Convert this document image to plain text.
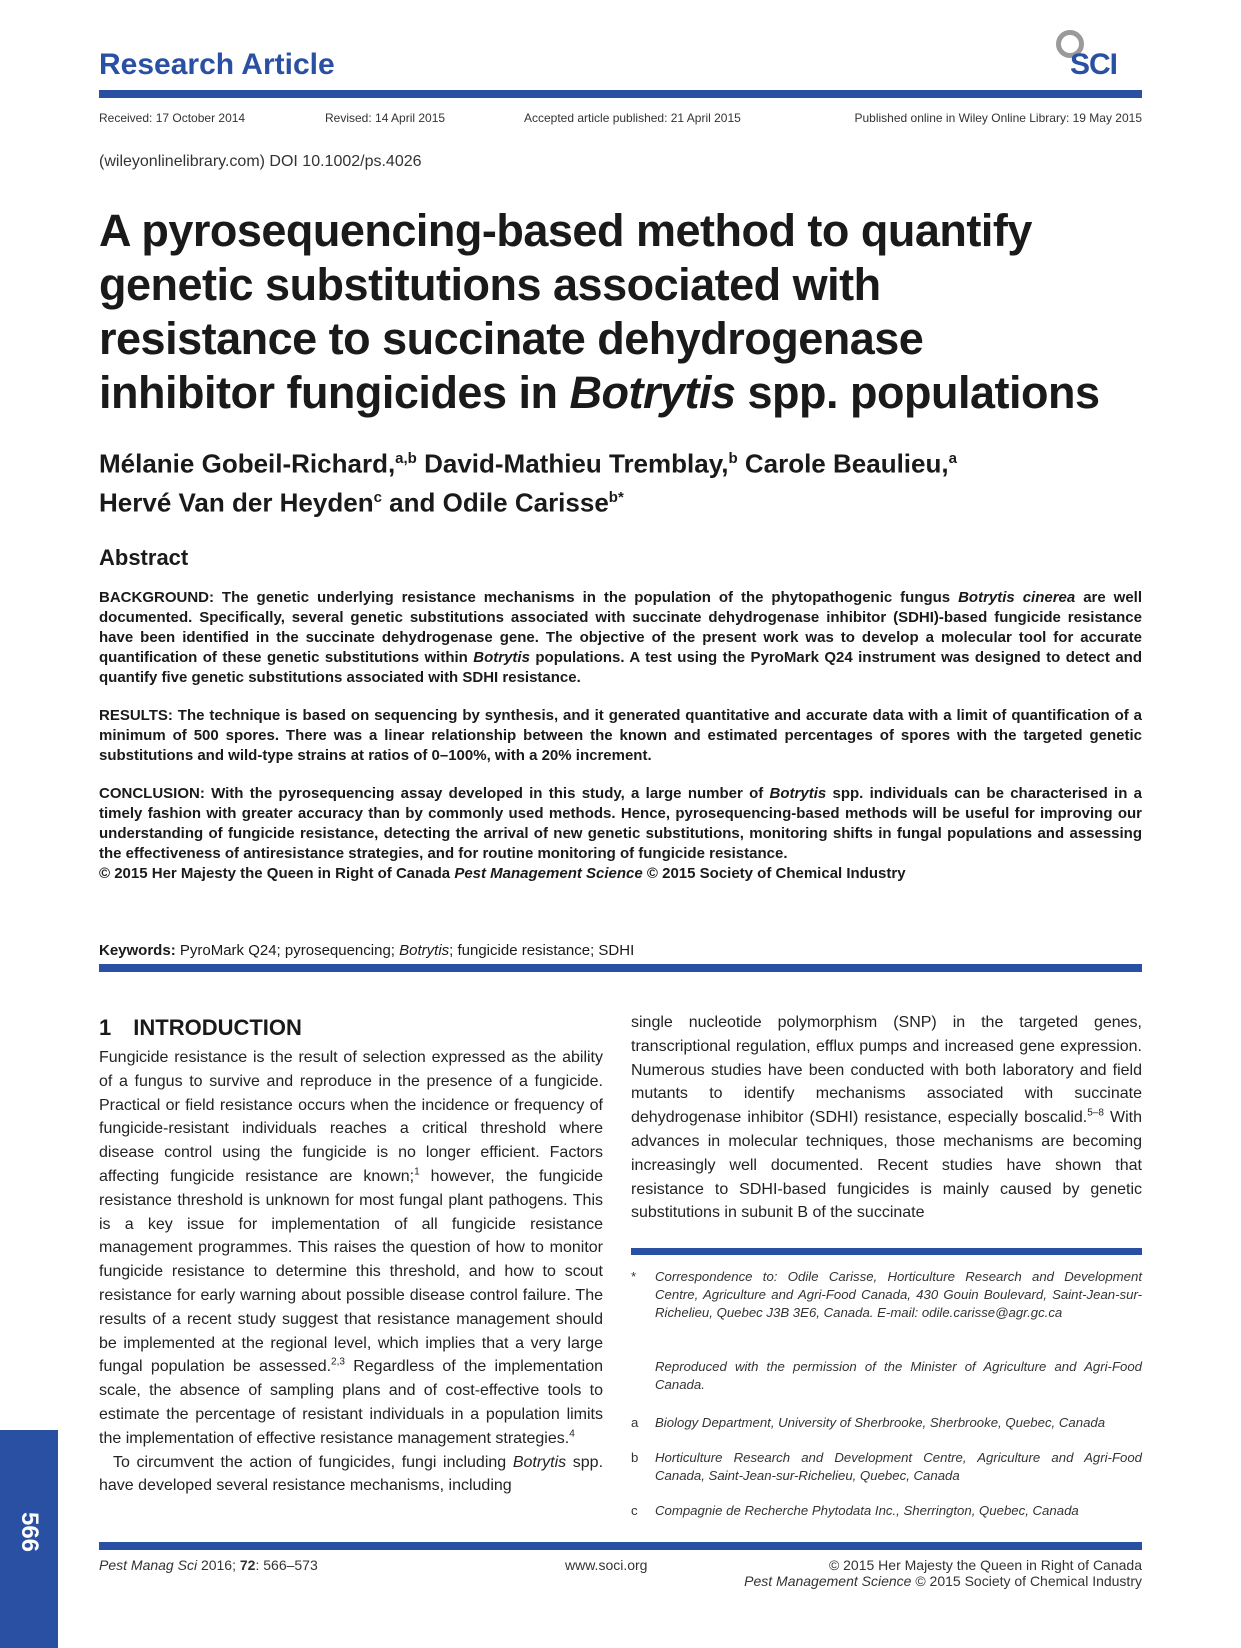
Research Article	SCI
Received: 17 October 2014	Revised: 14 April 2015	Accepted article published: 21 April 2015	Published online in Wiley Online Library: 19 May 2015
(wileyonlinelibrary.com) DOI 10.1002/ps.4026
A pyrosequencing-based method to quantify
genetic substitutions associated with
resistance to succinate dehydrogenase
inhibitor fungicides in Botrytis spp. populations
Mélanie Gobeil-Richard,$^{a,b}$ David-Mathieu Tremblay,$^b$ Carole Beaulieu,$^a$
Hervé Van der Heyden$^c$ and Odile Carisse$^{b*}$
Abstract
BACKGROUND: The genetic underlying resistance mechanisms in the population of the phytopathogenic fungus Botrytis cinerea are well documented. Specifically, several genetic substitutions associated with succinate dehydrogenase inhibitor (SDHI)-based fungicide resistance have been identified in the succinate dehydrogenase gene. The objective of the present work was to develop a molecular tool for accurate quantification of these genetic substitutions within Botrytis populations. A test using the PyroMark Q24 instrument was designed to detect and quantify five genetic substitutions associated with SDHI resistance.
RESULTS: The technique is based on sequencing by synthesis, and it generated quantitative and accurate data with a limit of quantification of a minimum of 500 spores. There was a linear relationship between the known and estimated percentages of spores with the targeted genetic substitutions and wild-type strains at ratios of 0–100%, with a 20% increment.
CONCLUSION: With the pyrosequencing assay developed in this study, a large number of Botrytis spp. individuals can be characterised in a timely fashion with greater accuracy than by commonly used methods. Hence, pyrosequencing-based methods will be useful for improving our understanding of fungicide resistance, detecting the arrival of new genetic substitutions, monitoring shifts in fungal populations and assessing the effectiveness of antiresistance strategies, and for routine monitoring of fungicide resistance.
© 2015 Her Majesty the Queen in Right of Canada Pest Management Science © 2015 Society of Chemical Industry
Keywords: PyroMark Q24; pyrosequencing; Botrytis; fungicide resistance; SDHI
1 INTRODUCTION

Fungicide resistance is the result of selection expressed as the ability of a fungus to survive and reproduce in the presence of a fungicide. Practical or field resistance occurs when the incidence or frequency of fungicide-resistant individuals reaches a critical threshold where disease control using the fungicide is no longer efficient. Factors affecting fungicide resistance are known;$^1$ however, the fungicide resistance threshold is unknown for most fungal plant pathogens. This is a key issue for implementation of all fungicide resistance management programmes. This raises the question of how to monitor fungicide resistance to determine this threshold, and how to scout resistance for early warning about possible disease control failure. The results of a recent study suggest that resistance management should be implemented at the regional level, which implies that a very large fungal population be assessed.$^{2,3}$ Regardless of the implementation scale, the absence of sampling plans and of cost-effective tools to estimate the percentage of resistant individuals in a population limits the implementation of effective resistance management strategies.$^4$

To circumvent the action of fungicides, fungi including Botrytis spp. have developed several resistance mechanisms, including

single nucleotide polymorphism (SNP) in the targeted genes, transcriptional regulation, efflux pumps and increased gene expression. Numerous studies have been conducted with both laboratory and field mutants to identify mechanisms associated with succinate dehydrogenase inhibitor (SDHI) resistance, especially boscalid.$^{5-8}$ With advances in molecular techniques, those mechanisms are becoming increasingly well documented. Recent studies have shown that resistance to SDHI-based fungicides is mainly caused by genetic substitutions in subunit B of the succinate

* Correspondence to: Odile Carisse, Horticulture Research and Development Centre, Agriculture and Agri-Food Canada, 430 Gouin Boulevard, Saint-Jean-sur-Richelieu, Quebec J3B 3E6, Canada. E-mail: odile.carisse@agr.gc.ca
Reproduced with the permission of the Minister of Agriculture and Agri-Food Canada.
a Biology Department, University of Sherbrooke, Sherbrooke, Quebec, Canada
b Horticulture Research and Development Centre, Agriculture and Agri-Food Canada, Saint-Jean-sur-Richelieu, Quebec, Canada
c Compagnie de Recherche Phytodata Inc., Sherrington, Quebec, Canada
566
Pest Manag Sci 2016; 72: 566–573	www.soci.org	© 2015 Her Majesty the Queen in Right of Canada
Pest Management Science © 2015 Society of Chemical Industry
